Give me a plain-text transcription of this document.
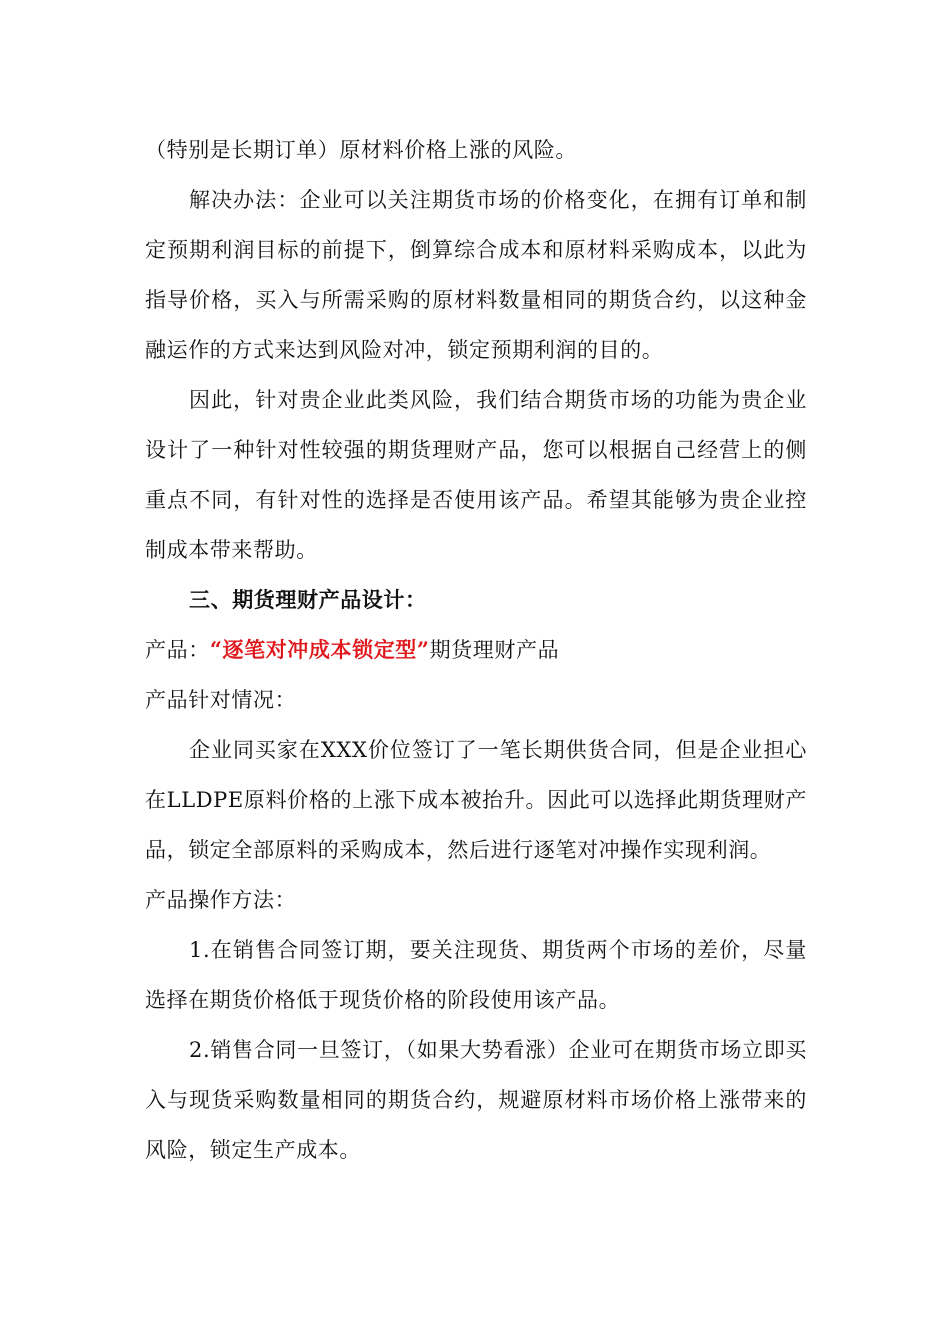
（特别是长期订单）原材料价格上涨的风险。

解决办法：企业可以关注期货市场的价格变化，在拥有订单和制定预期利润目标的前提下，倒算综合成本和原材料采购成本，以此为指导价格，买入与所需采购的原材料数量相同的期货合约，以这种金融运作的方式来达到风险对冲，锁定预期利润的目的。

因此，针对贵企业此类风险，我们结合期货市场的功能为贵企业设计了一种针对性较强的期货理财产品，您可以根据自己经营上的侧重点不同，有针对性的选择是否使用该产品。希望其能够为贵企业控制成本带来帮助。

三、期货理财产品设计：

产品：“逐笔对冲成本锁定型”期货理财产品

产品针对情况：

企业同买家在XXX价位签订了一笔长期供货合同，但是企业担心在LLDPE原料价格的上涨下成本被抬升。因此可以选择此期货理财产品，锁定全部原料的采购成本，然后进行逐笔对冲操作实现利润。

产品操作方法：

1.在销售合同签订期，要关注现货、期货两个市场的差价，尽量选择在期货价格低于现货价格的阶段使用该产品。

2.销售合同一旦签订，（如果大势看涨）企业可在期货市场立即买入与现货采购数量相同的期货合约，规避原材料市场价格上涨带来的风险，锁定生产成本。
